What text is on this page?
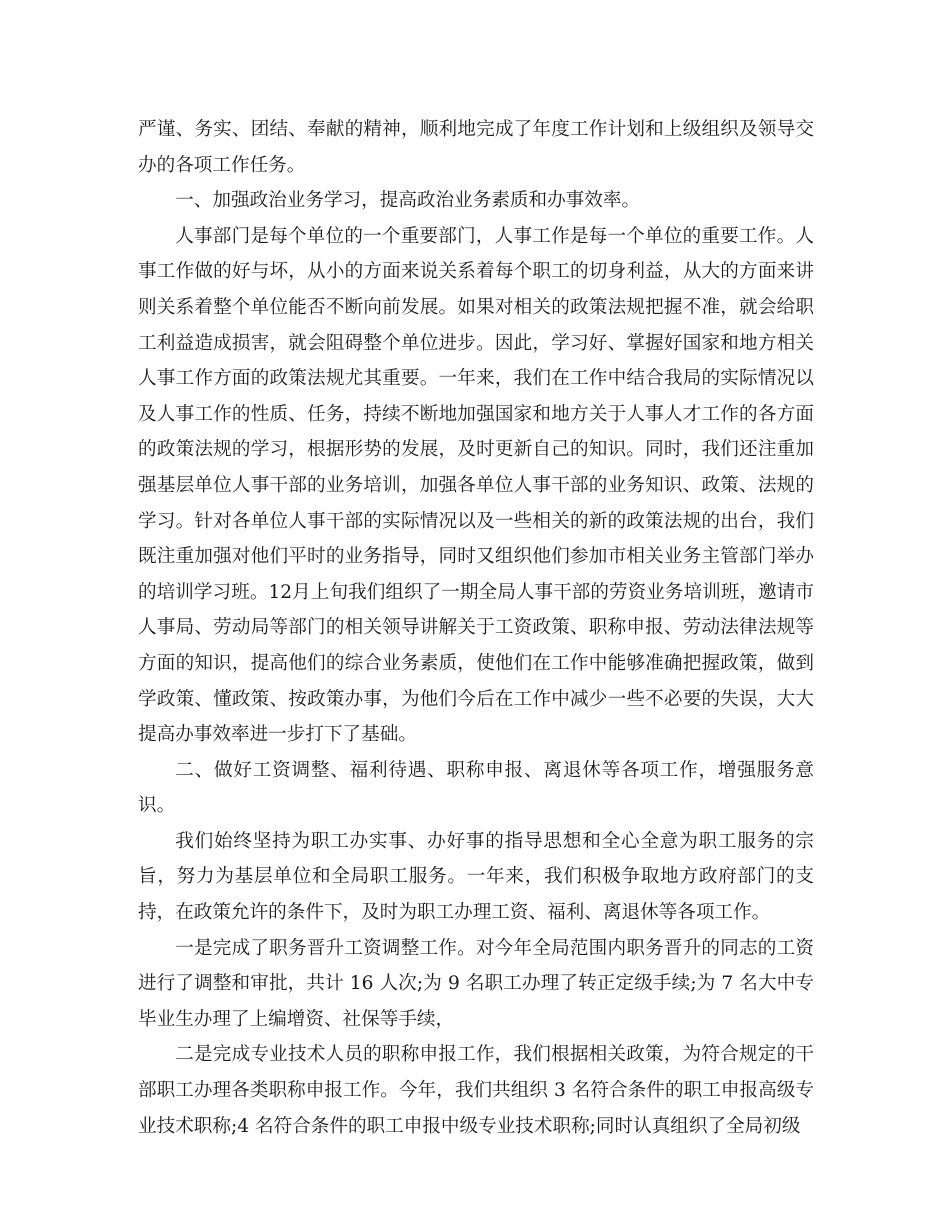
严谨、务实、团结、奉献的精神，顺利地完成了年度工作计划和上级组织及领导交办的各项工作任务。

一、加强政治业务学习，提高政治业务素质和办事效率。

人事部门是每个单位的一个重要部门，人事工作是每一个单位的重要工作。人事工作做的好与坏，从小的方面来说关系着每个职工的切身利益，从大的方面来讲则关系着整个单位能否不断向前发展。如果对相关的政策法规把握不准，就会给职工利益造成损害，就会阻碍整个单位进步。因此，学习好、掌握好国家和地方相关人事工作方面的政策法规尤其重要。一年来，我们在工作中结合我局的实际情况以及人事工作的性质、任务，持续不断地加强国家和地方关于人事人才工作的各方面的政策法规的学习，根据形势的发展，及时更新自己的知识。同时，我们还注重加强基层单位人事干部的业务培训，加强各单位人事干部的业务知识、政策、法规的学习。针对各单位人事干部的实际情况以及一些相关的新的政策法规的出台，我们既注重加强对他们平时的业务指导，同时又组织他们参加市相关业务主管部门举办的培训学习班。12月上旬我们组织了一期全局人事干部的劳资业务培训班，邀请市人事局、劳动局等部门的相关领导讲解关于工资政策、职称申报、劳动法律法规等方面的知识，提高他们的综合业务素质，使他们在工作中能够准确把握政策，做到学政策、懂政策、按政策办事，为他们今后在工作中减少一些不必要的失误，大大提高办事效率进一步打下了基础。

二、做好工资调整、福利待遇、职称申报、离退休等各项工作，增强服务意识。

我们始终坚持为职工办实事、办好事的指导思想和全心全意为职工服务的宗旨，努力为基层单位和全局职工服务。一年来，我们积极争取地方政府部门的支持，在政策允许的条件下，及时为职工办理工资、福利、离退休等各项工作。

一是完成了职务晋升工资调整工作。对今年全局范围内职务晋升的同志的工资进行了调整和审批，共计 16 人次;为 9 名职工办理了转正定级手续;为 7 名大中专毕业生办理了上编增资、社保等手续，

二是完成专业技术人员的职称申报工作，我们根据相关政策，为符合规定的干部职工办理各类职称申报工作。今年，我们共组织 3 名符合条件的职工申报高级专业技术职称;4 名符合条件的职工申报中级专业技术职称;同时认真组织了全局初级
